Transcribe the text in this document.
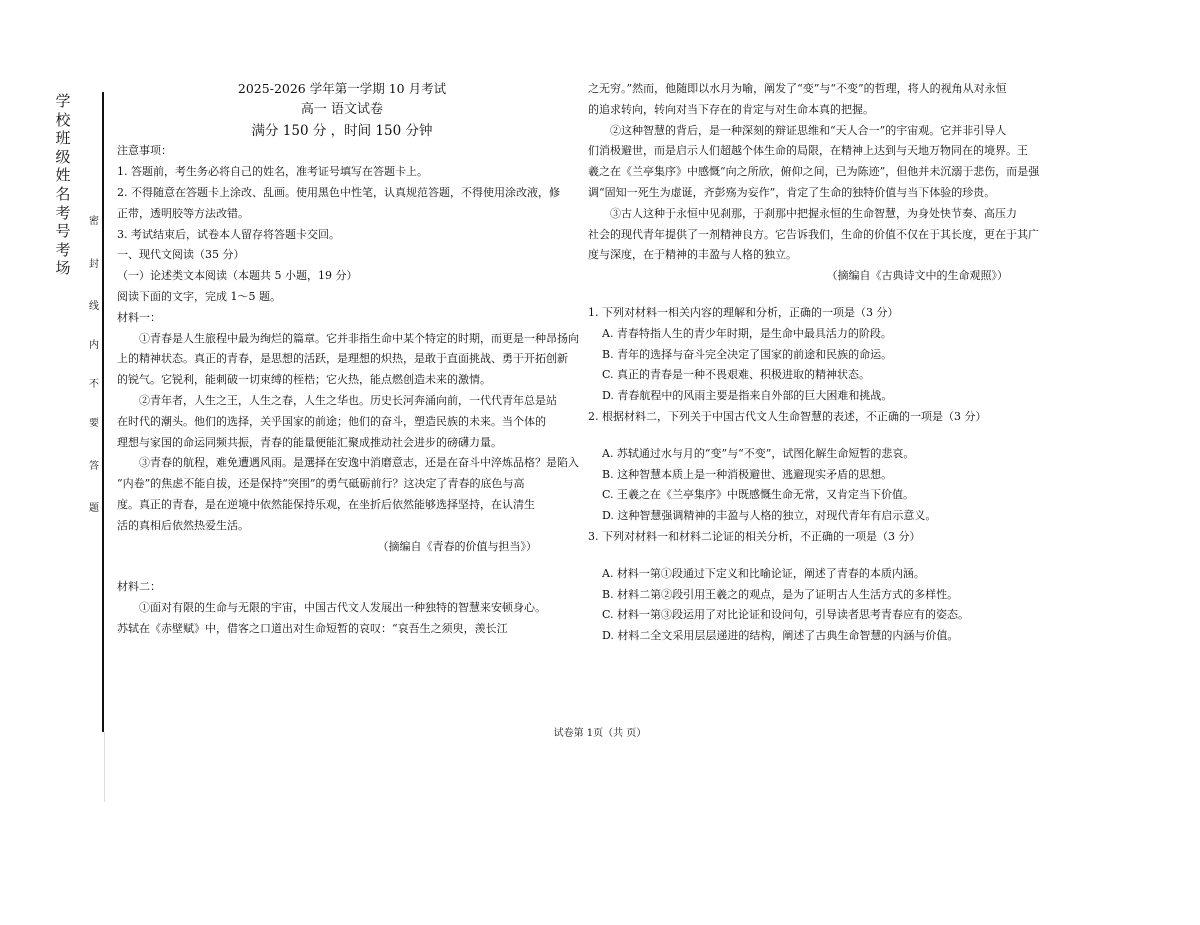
学
校
班
级
姓
名
考
号
考
场
密
封
线
内
不
要
答
题

2025-2026 学年第一学期 10 月考试

高一 语文试卷

满分 150 分 ，时间 150 分钟

注意事项：

1. 答题前，考生务必将自己的姓名，准考证号填写在答题卡上。

2. 不得随意在答题卡上涂改、乱画。使用黑色中性笔，认真规范答题，不得使用涂改液，修

正带，透明胶等方法改错。

3. 考试结束后，试卷本人留存将答题卡交回。

一、现代文阅读（35 分）

（一）论述类文本阅读（本题共 5 小题，19 分）

阅读下面的文字，完成 1～5 题。

材料一：

①青春是人生旅程中最为绚烂的篇章。它并非指生命中某个特定的时期，而更是一种昂扬向

上的精神状态。真正的青春，是思想的活跃，是理想的炽热，是敢于直面挑战、勇于开拓创新

的锐气。它锐利，能刺破一切束缚的桎梏；它火热，能点燃创造未来的激情。

②青年者，人生之王，人生之春，人生之华也。历史长河奔涌向前，一代代青年总是站

在时代的潮头。他们的选择，关乎国家的前途；他们的奋斗，塑造民族的未来。当个体的

理想与家国的命运同频共振，青春的能量便能汇聚成推动社会进步的磅礴力量。

③青春的航程，难免遭遇风雨。是選择在安逸中消磨意志，还是在奋斗中淬炼品格？是陷入

“内卷”的焦虑不能自拔，还是保持“突围”的勇气砥砺前行？这决定了青春的底色与高

度。真正的青春，是在逆境中依然能保持乐观，在坐折后依然能够选择坚持，在认清生

活的真相后依然热爱生活。

（摘编自《青春的价值与担当》）

材料二：

①面对有限的生命与无限的宇宙，中国古代文人发展出一种独特的智慧来安顿身心。

苏轼在《赤壁赋》中，借客之口道出对生命短暂的哀叹：“哀吾生之须臾，羡长江

之无穷。”然而，他随即以水月为喻，阐发了“变”与“不变”的哲理，将人的视角从对永恒

的追求转向，转向对当下存在的肯定与对生命本真的把握。

②这种智慧的背后，是一种深刻的辩证思维和“天人合一”的宇宙观。它并非引导人

们消极避世，而是启示人们超越个体生命的局限，在精神上达到与天地万物同在的境界。王

羲之在《兰亭集序》中感慨“向之所欣，俯仰之间，已为陈迹”，但他并未沉溺于悲伤，而是强

调“固知一死生为虚诞，齐彭殇为妄作”，肯定了生命的独特价值与当下体验的珍贵。

③古人这种于永恒中见刹那，于刹那中把握永恒的生命智慧，为身处快节奏、高压力

社会的现代青年提供了一剂精神良方。它告诉我们，生命的价值不仅在于其长度，更在于其广

度与深度，在于精神的丰盈与人格的独立。

（摘编自《古典诗文中的生命观照》）

1. 下列对材料一相关内容的理解和分析，正确的一项是（3 分）

A. 青春特指人生的青少年时期，是生命中最具活力的阶段。

B. 青年的选择与奋斗完全决定了国家的前途和民族的命运。

C. 真正的青春是一种不畏艰难、积极进取的精神状态。

D. 青春航程中的风雨主要是指来自外部的巨大困难和挑战。

2. 根据材料二，下列关于中国古代文人生命智慧的表述，不正确的一项是（3 分）

A. 苏轼通过水与月的“变”与“不变”，试图化解生命短暂的悲哀。

B. 这种智慧本质上是一种消极避世、逃避现实矛盾的思想。

C. 王羲之在《兰亭集序》中既感慨生命无常，又肯定当下价值。

D. 这种智慧强调精神的丰盈与人格的独立，对现代青年有启示意义。

3. 下列对材料一和材料二论证的相关分析，不正确的一项是（3 分）

A. 材料一第①段通过下定义和比喻论证，阐述了青春的本质内涵。

B. 材料二第②段引用王羲之的观点，是为了证明古人生活方式的多样性。

C. 材料一第③段运用了对比论证和设问句，引导读者思考青春应有的姿态。

D. 材料二全文采用层层递进的结构，阐述了古典生命智慧的内涵与价值。

试卷第 1页（共 页）
